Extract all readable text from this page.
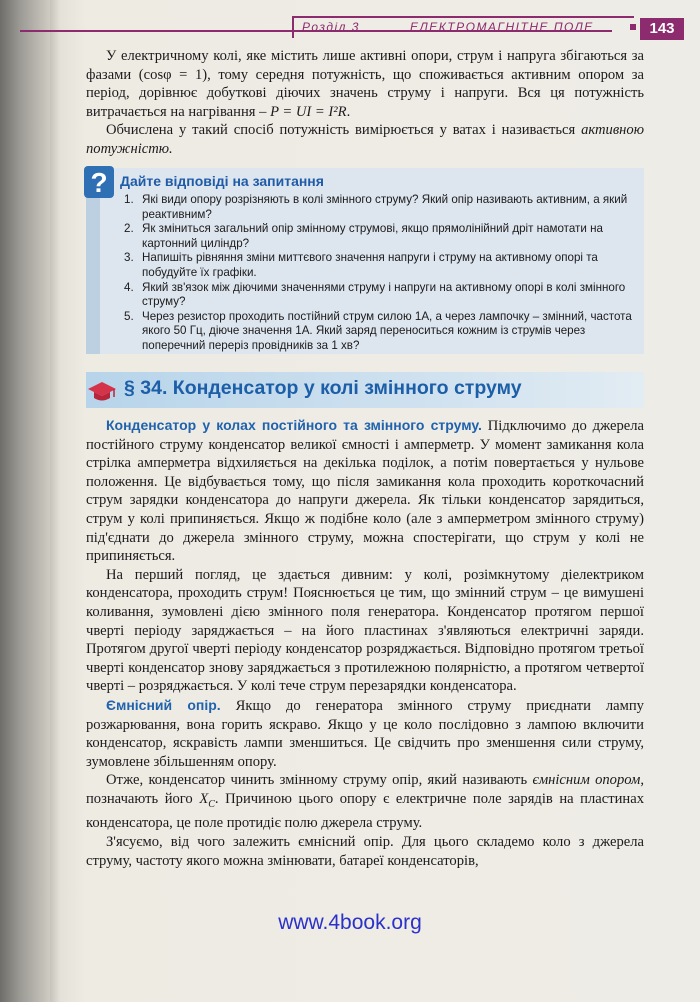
Розділ 3	ЕЛЕКТРОМАГНІТНЕ ПОЛЕ	143

У електричному колі, яке містить лише активні опори, струм і напруга збігаються за фазами (cosφ = 1), тому середня потужність, що споживається активним опором за період, дорівнює добуткові діючих значень струму і напруги. Вся ця потужність витрачається на нагрівання – P = UI = I²R.

Обчислена у такий спосіб потужність вимірюється у ватах і називається активною потужністю.

? Дайте відповіді на запитання
1. Які види опору розрізняють в колі змінного струму? Який опір називають активним, а який реактивним?
2. Як зміниться загальний опір змінному струмові, якщо прямолінійний дріт намотати на картонний циліндр?
3. Напишіть рівняння зміни миттєвого значення напруги і струму на активному опорі та побудуйте їх графіки.
4. Який зв'язок між діючими значеннями струму і напруги на активному опорі в колі змінного струму?
5. Через резистор проходить постійний струм силою 1А, а через лампочку – змінний, частота якого 50 Гц, діюче значення 1А. Який заряд переноситься кожним із струмів через поперечний переріз провідників за 1 хв?
§ 34. Конденсатор у колі змінного струму

Конденсатор у колах постійного та змінного струму. Підключимо до джерела постійного струму конденсатор великої ємності і амперметр. У момент замикання кола стрілка амперметра відхиляється на декілька поділок, а потім повертається у нульове положення. Це відбувається тому, що після замикання кола проходить короткочасний струм зарядки конденсатора до напруги джерела. Як тільки конденсатор зарядиться, струм у колі припиняється. Якщо ж подібне коло (але з амперметром змінного струму) під'єднати до джерела змінного струму, можна спостерігати, що струм у колі не припиняється.

На перший погляд, це здається дивним: у колі, розімкнутому діелектриком конденсатора, проходить струм! Пояснюється це тим, що змінний струм – це вимушені коливання, зумовлені дією змінного поля генератора. Конденсатор протягом першої чверті періоду заряджається – на його пластинах з'являються електричні заряди. Протягом другої чверті періоду конденсатор розряджається. Відповідно протягом третьої чверті конденсатор знову заряджається з протилежною полярністю, а протягом четвертої чверті – розряджається. У колі тече струм перезарядки конденсатора.

Ємнісний опір. Якщо до генератора змінного струму приєднати лампу розжарювання, вона горить яскраво. Якщо у це коло послідовно з лампою включити конденсатор, яскравість лампи зменшиться. Це свідчить про зменшення сили струму, зумовлене збільшенням опору.

Отже, конденсатор чинить змінному струму опір, який називають ємнісним опором, позначають його $X_C$. Причиною цього опору є електричне поле зарядів на пластинах конденсатора, це поле протидіє полю джерела струму.

З'ясуємо, від чого залежить ємнісний опір. Для цього складемо коло з джерела струму, частоту якого можна змінювати, батареї конденсаторів,

www.4book.org
